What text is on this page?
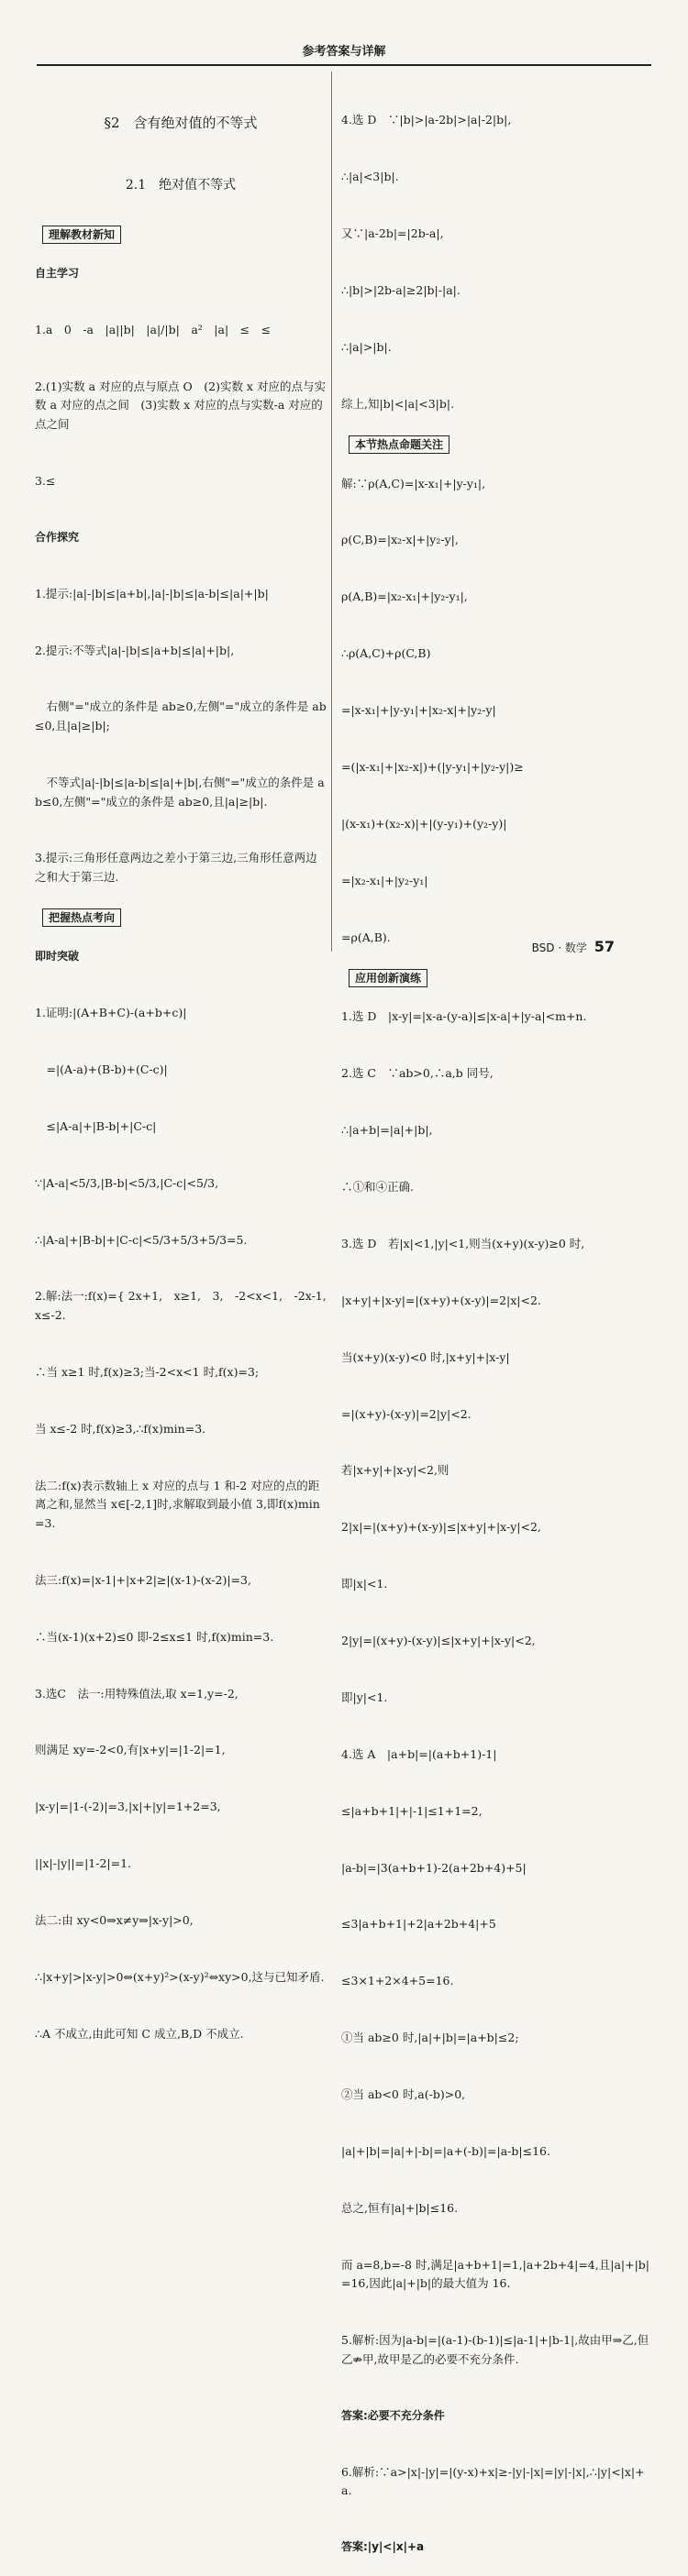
参考答案与详解

§2　含有绝对值的不等式

2.1　绝对值不等式

理解教材新知

自主学习

1.a　0　-a　|a||b|　|a|/|b|　a²　|a|　≤　≤

2.(1)实数 a 对应的点与原点 O　(2)实数 x 对应的点与实数 a 对应的点之间　(3)实数 x 对应的点与实数-a 对应的点之间

3.≤

合作探究

1.提示:|a|-|b|≤|a+b|,|a|-|b|≤|a-b|≤|a|+|b|

2.提示:不等式|a|-|b|≤|a+b|≤|a|+|b|,

　右侧"="成立的条件是 ab≥0,左侧"="成立的条件是 ab≤0,且|a|≥|b|;

　不等式|a|-|b|≤|a-b|≤|a|+|b|,右侧"="成立的条件是 ab≤0,左侧"="成立的条件是 ab≥0,且|a|≥|b|.

3.提示:三角形任意两边之差小于第三边,三角形任意两边之和大于第三边.

把握热点考向

即时突破

1.证明:|(A+B+C)-(a+b+c)|

　=|(A-a)+(B-b)+(C-c)|

　≤|A-a|+|B-b|+|C-c|

∵|A-a|<5/3,|B-b|<5/3,|C-c|<5/3,

∴|A-a|+|B-b|+|C-c|<5/3+5/3+5/3=5.

2.解:法一:f(x)={ 2x+1,　x≥1,　3,　-2<x<1,　-2x-1,　x≤-2.

∴当 x≥1 时,f(x)≥3;当-2<x<1 时,f(x)=3;

当 x≤-2 时,f(x)≥3,∴f(x)min=3.

法二:f(x)表示数轴上 x 对应的点与 1 和-2 对应的点的距离之和,显然当 x∈[-2,1]时,求解取到最小值 3,即f(x)min=3.

法三:f(x)=|x-1|+|x+2|≥|(x-1)-(x-2)|=3,

∴当(x-1)(x+2)≤0 即-2≤x≤1 时,f(x)min=3.

3.选C　法一:用特殊值法,取 x=1,y=-2,

则满足 xy=-2<0,有|x+y|=|1-2|=1,

|x-y|=|1-(-2)|=3,|x|+|y|=1+2=3,

||x|-|y||=|1-2|=1.

法二:由 xy<0⇒x≠y⇒|x-y|>0,

∴|x+y|>|x-y|>0⇔(x+y)²>(x-y)²⇔xy>0,这与已知矛盾.

∴A 不成立,由此可知 C 成立,B,D 不成立.

4.选 D　∵|b|>|a-2b|>|a|-2|b|,

∴|a|<3|b|.

又∵|a-2b|=|2b-a|,

∴|b|>|2b-a|≥2|b|-|a|.

∴|a|>|b|.

综上,知|b|<|a|<3|b|.

本节热点命题关注

解:∵ρ(A,C)=|x-x₁|+|y-y₁|,

ρ(C,B)=|x₂-x|+|y₂-y|,

ρ(A,B)=|x₂-x₁|+|y₂-y₁|,

∴ρ(A,C)+ρ(C,B)

=|x-x₁|+|y-y₁|+|x₂-x|+|y₂-y|

=(|x-x₁|+|x₂-x|)+(|y-y₁|+|y₂-y|)≥

|(x-x₁)+(x₂-x)|+|(y-y₁)+(y₂-y)|

=|x₂-x₁|+|y₂-y₁|

=ρ(A,B).

应用创新演练

1.选 D　|x-y|=|x-a-(y-a)|≤|x-a|+|y-a|<m+n.

2.选 C　∵ab>0,∴a,b 同号,

∴|a+b|=|a|+|b|,

∴①和④正确.

3.选 D　若|x|<1,|y|<1,则当(x+y)(x-y)≥0 时,

|x+y|+|x-y|=|(x+y)+(x-y)|=2|x|<2.

当(x+y)(x-y)<0 时,|x+y|+|x-y|

=|(x+y)-(x-y)|=2|y|<2.

若|x+y|+|x-y|<2,则

2|x|=|(x+y)+(x-y)|≤|x+y|+|x-y|<2,

即|x|<1.

2|y|=|(x+y)-(x-y)|≤|x+y|+|x-y|<2,

即|y|<1.

4.选 A　|a+b|=|(a+b+1)-1|

≤|a+b+1|+|-1|≤1+1=2,

|a-b|=|3(a+b+1)-2(a+2b+4)+5|

≤3|a+b+1|+2|a+2b+4|+5

≤3×1+2×4+5=16.

①当 ab≥0 时,|a|+|b|=|a+b|≤2;

②当 ab<0 时,a(-b)>0,

|a|+|b|=|a|+|-b|=|a+(-b)|=|a-b|≤16.

总之,恒有|a|+|b|≤16.

而 a=8,b=-8 时,满足|a+b+1|=1,|a+2b+4|=4,且|a|+|b|=16,因此|a|+|b|的最大值为 16.

5.解析:因为|a-b|=|(a-1)-(b-1)|≤|a-1|+|b-1|,故由甲⇒乙,但乙⇏甲,故甲是乙的必要不充分条件.

答案:必要不充分条件

6.解析:∵a>|x|-|y|=|(y-x)+x|≥-|y|-|x|=|y|-|x|,∴|y|<|x|+a.

答案:|y|<|x|+a

BSD · 数学 57
